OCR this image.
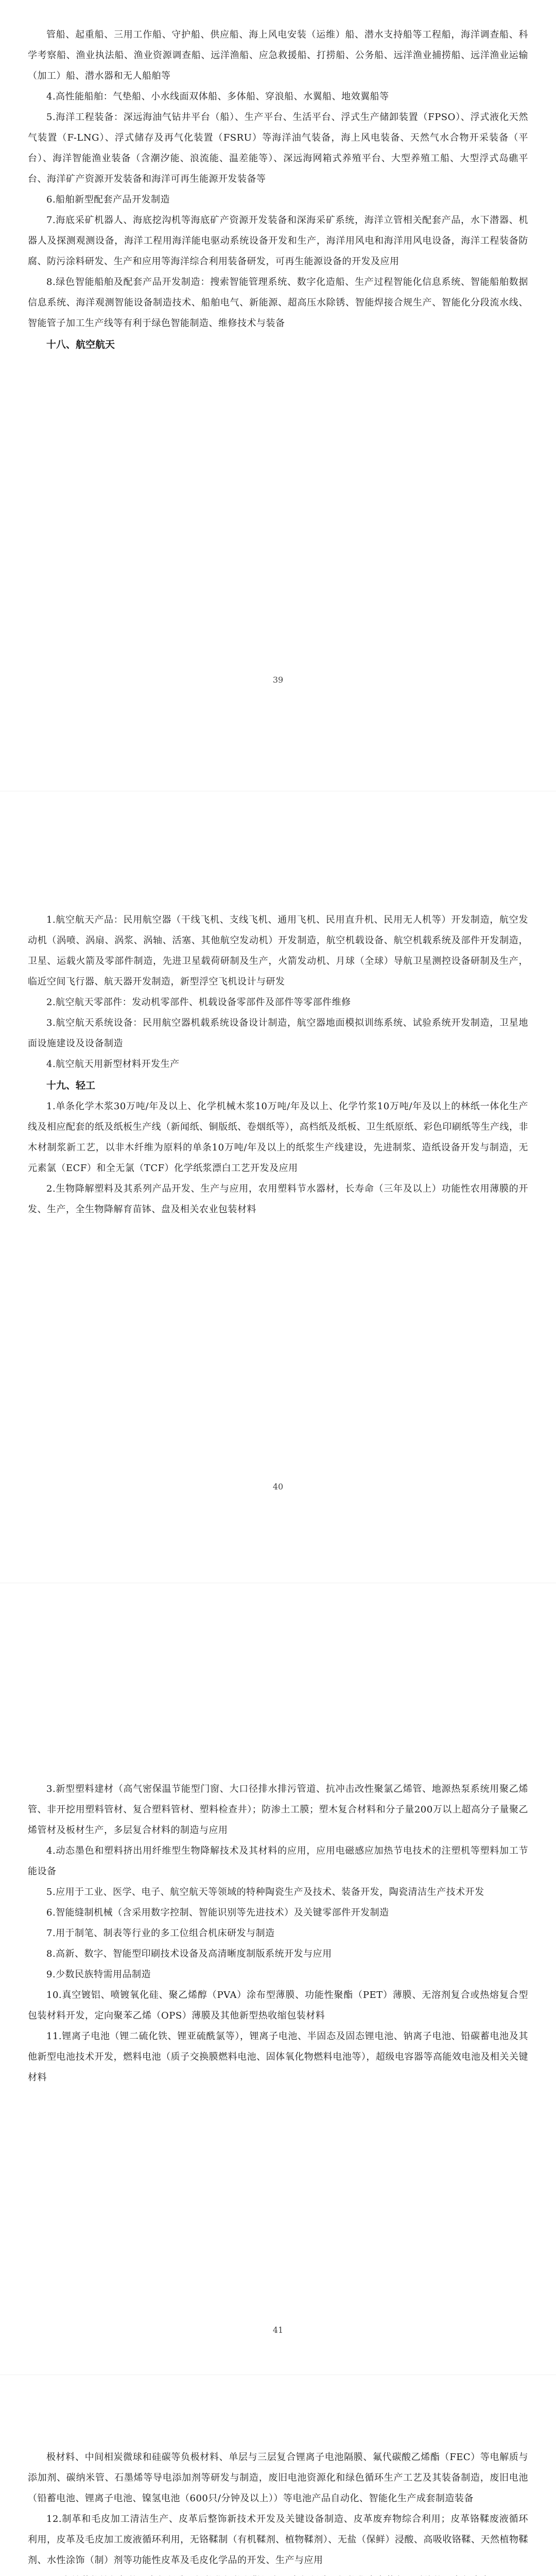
管船、起重船、三用工作船、守护船、供应船、海上风电安装（运维）船、潜水支持船等工程船，海洋调查船、科学考察船、渔业执法船、渔业资源调查船、远洋渔船、应急救援船、打捞船、公务船、远洋渔业捕捞船、远洋渔业运输（加工）船、潜水器和无人船舶等

4.高性能船舶：气垫船、小水线面双体船、多体船、穿浪船、水翼船、地效翼船等

5.海洋工程装备：深远海油气钻井平台（船）、生产平台、生活平台、浮式生产储卸装置（FPSO）、浮式液化天然气装置（F-LNG）、浮式储存及再气化装置（FSRU）等海洋油气装备，海上风电装备、天然气水合物开采装备（平台）、海洋智能渔业装备（含潮汐能、浪流能、温差能等）、深远海网箱式养殖平台、大型养殖工船、大型浮式岛礁平台、海洋矿产资源开发装备和海洋可再生能源开发装备等

6.船舶新型配套产品开发制造

7.海底采矿机器人、海底挖沟机等海底矿产资源开发装备和深海采矿系统，海洋立管相关配套产品，水下潜器、机器人及探测观测设备，海洋工程用海洋能电驱动系统设备开发和生产，海洋用风电和海洋用风电设备，海洋工程装备防腐、防污涂料研发、生产和应用等海洋综合利用装备研发，可再生能源设备的开发及应用

8.绿色智能船舶及配套产品开发制造：搜索智能管理系统、数字化造船、生产过程智能化信息系统、智能船舶数据信息系统、海洋观测智能设备制造技术、船舶电气、新能源、超高压水除锈、智能焊接合规生产、智能化分段流水线、智能管子加工生产线等有利于绿色智能制造、维修技术与装备

十八、航空航天

39

1.航空航天产品：民用航空器（干线飞机、支线飞机、通用飞机、民用直升机、民用无人机等）开发制造，航空发动机（涡喷、涡扇、涡浆、涡轴、活塞、其他航空发动机）开发制造，航空机载设备、航空机载系统及部件开发制造，卫星、运载火箭及零部件制造，先进卫星载荷研制及生产，火箭发动机、月球（全球）导航卫星测控设备研制及生产，临近空间飞行器、航天器开发制造，新型浮空飞机设计与研发

2.航空航天零部件：发动机零部件、机载设备零部件及部件等零部件维修

3.航空航天系统设备：民用航空器机载系统设备设计制造，航空器地面模拟训练系统、试验系统开发制造，卫星地面设施建设及设备制造

4.航空航天用新型材料开发生产

十九、轻工

1.单条化学木浆30万吨/年及以上、化学机械木浆10万吨/年及以上、化学竹浆10万吨/年及以上的林纸一体化生产线及相应配套的纸及纸板生产线（新闻纸、铜版纸、卷烟纸等），高档纸及纸板、卫生纸原纸、彩色印刷纸等生产线，非木材制浆新工艺，以非木纤维为原料的单条10万吨/年及以上的纸浆生产线建设，先进制浆、造纸设备开发与制造，无元素氯（ECF）和全无氯（TCF）化学纸浆漂白工艺开发及应用

2.生物降解塑料及其系列产品开发、生产与应用，农用塑料节水器材，长寿命（三年及以上）功能性农用薄膜的开发、生产，全生物降解育苗钵、盘及相关农业包装材料

40

3.新型塑料建材（高气密保温节能型门窗、大口径排水排污管道、抗冲击改性聚氯乙烯管、地源热泵系统用聚乙烯管、非开挖用塑料管材、复合塑料管材、塑料检查井）；防渗土工膜；塑木复合材料和分子量200万以上超高分子量聚乙烯管材及板材生产，多层复合材料的制造与应用

4.动态墨色和塑料挤出用纤维型生物降解技术及其材料的应用，应用电磁感应加热节电技术的注塑机等塑料加工节能设备

5.应用于工业、医学、电子、航空航天等领域的特种陶瓷生产及技术、装备开发，陶瓷清洁生产技术开发

6.智能缝制机械（含采用数字控制、智能识别等先进技术）及关键零部件开发制造

7.用于制笔、制表等行业的多工位组合机床研发与制造

8.高新、数字、智能型印刷技术设备及高清晰度制版系统开发与应用

9.少数民族特需用品制造

10.真空镀铝、喷镀氧化硅、聚乙烯醇（PVA）涂布型薄膜、功能性聚酯（PET）薄膜、无溶剂复合或热熔复合型包装材料开发，定向聚苯乙烯（OPS）薄膜及其他新型热收缩包装材料

11.锂离子电池（锂二硫化铁、锂亚硫酰氯等），锂离子电池、半固态及固态锂电池、钠离子电池、铅碳蓄电池及其他新型电池技术开发，燃料电池（质子交换膜燃料电池、固体氧化物燃料电池等），超级电容器等高能效电池及相关关键材料

41

极材料、中间相炭微球和硅碳等负极材料、单层与三层复合锂离子电池隔膜、氟代碳酸乙烯酯（FEC）等电解质与添加剂、碳纳米管、石墨烯等导电添加剂等研发与制造，废旧电池资源化和绿色循环生产工艺及其装备制造，废旧电池（铅蓄电池、锂离子电池、镍氢电池（600只/分钟及以上））等电池产品自动化、智能化生产成套制造装备

12.制革和毛皮加工清洁生产、皮革后整饰新技术开发及关键设备制造、皮革废弃物综合利用；皮革铬鞣废液循环利用，皮革及毛皮加工废液循环利用，无铬鞣制（有机鞣剂、植物鞣剂）、无盐（保鲜）浸酸、高吸收铬鞣、天然植物鞣剂、水性涂饰（制）剂等功能性皮革及毛皮化学品的开发、生产与应用
